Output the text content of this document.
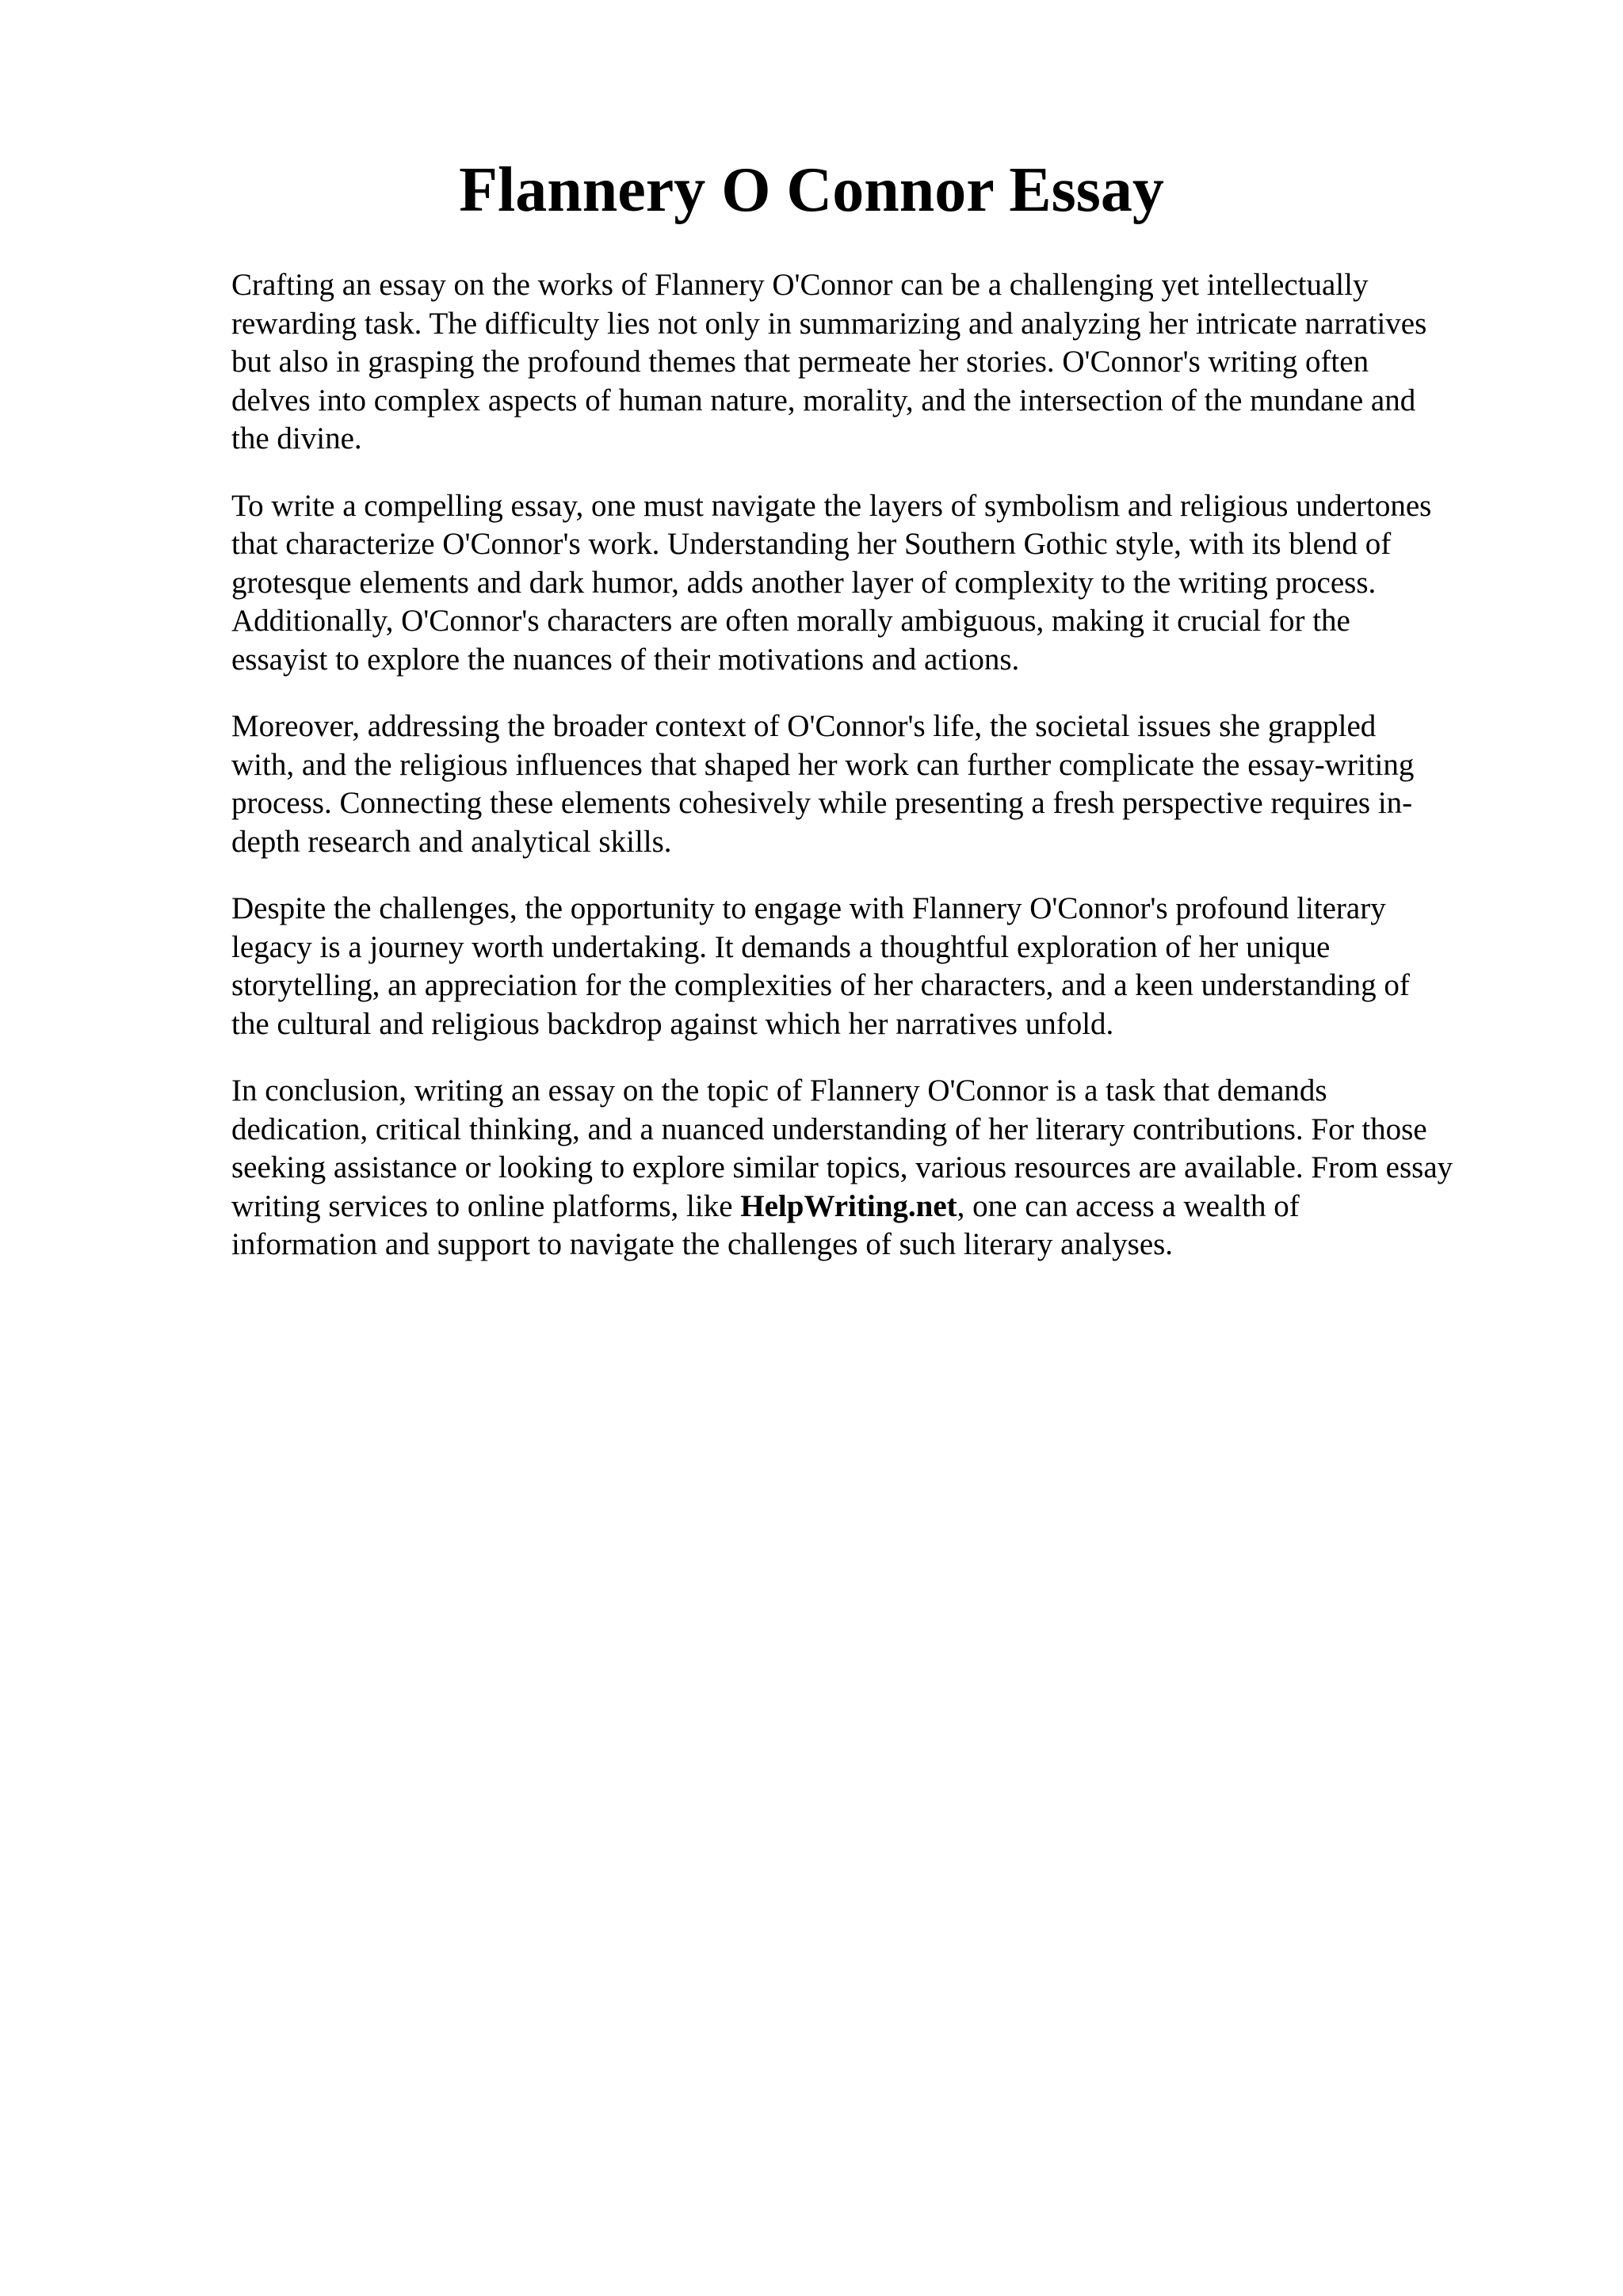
Flannery O Connor Essay

Crafting an essay on the works of Flannery O'Connor can be a challenging yet intellectually
rewarding task. The difficulty lies not only in summarizing and analyzing her intricate narratives
but also in grasping the profound themes that permeate her stories. O'Connor's writing often
delves into complex aspects of human nature, morality, and the intersection of the mundane and
the divine.

To write a compelling essay, one must navigate the layers of symbolism and religious undertones
that characterize O'Connor's work. Understanding her Southern Gothic style, with its blend of
grotesque elements and dark humor, adds another layer of complexity to the writing process.
Additionally, O'Connor's characters are often morally ambiguous, making it crucial for the
essayist to explore the nuances of their motivations and actions.

Moreover, addressing the broader context of O'Connor's life, the societal issues she grappled
with, and the religious influences that shaped her work can further complicate the essay-writing
process. Connecting these elements cohesively while presenting a fresh perspective requires in-
depth research and analytical skills.

Despite the challenges, the opportunity to engage with Flannery O'Connor's profound literary
legacy is a journey worth undertaking. It demands a thoughtful exploration of her unique
storytelling, an appreciation for the complexities of her characters, and a keen understanding of
the cultural and religious backdrop against which her narratives unfold.

In conclusion, writing an essay on the topic of Flannery O'Connor is a task that demands
dedication, critical thinking, and a nuanced understanding of her literary contributions. For those
seeking assistance or looking to explore similar topics, various resources are available. From essay
writing services to online platforms, like HelpWriting.net, one can access a wealth of
information and support to navigate the challenges of such literary analyses.
